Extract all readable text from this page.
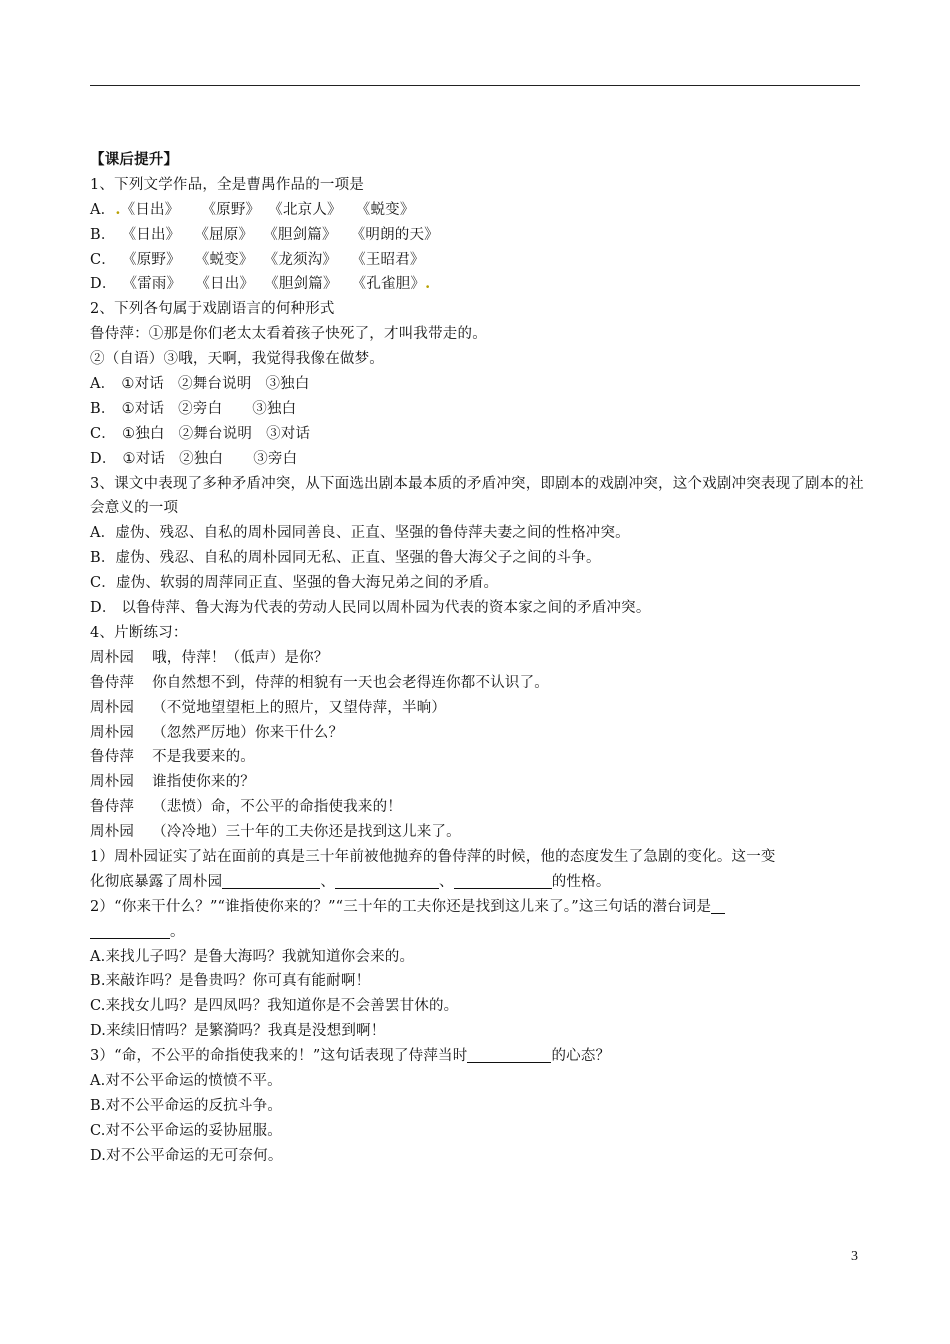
【课后提升】
1、下列文学作品，全是曹禺作品的一项是
A．.《日出》 《原野》 《北京人》 《蜕变》
B． 《日出》 《屈原》 《胆剑篇》 《明朗的天》
C． 《原野》 《蜕变》 《龙须沟》 《王昭君》
D． 《雷雨》 《日出》 《胆剑篇》 《孔雀胆》.
2、下列各句属于戏剧语言的何种形式
鲁侍萍：①那是你们老太太看着孩子快死了，才叫我带走的。
②（自语）③哦，天啊，我觉得我像在做梦。
A． ①对话 ②舞台说明 ③独白
B． ①对话 ②旁白 ③独白
C． ①独白 ②舞台说明 ③对话
D． ①对话 ②独白 ③旁白
3、课文中表现了多种矛盾冲突，从下面选出剧本最本质的矛盾冲突，即剧本的戏剧冲突，这个戏剧冲突表现了剧本的社会意义的一项
A．虚伪、残忍、自私的周朴园同善良、正直、坚强的鲁侍萍夫妻之间的性格冲突。
B．虚伪、残忍、自私的周朴园同无私、正直、坚强的鲁大海父子之间的斗争。
C．虚伪、软弱的周萍同正直、坚强的鲁大海兄弟之间的矛盾。
D． 以鲁侍萍、鲁大海为代表的劳动人民同以周朴园为代表的资本家之间的矛盾冲突。
4、片断练习：
周朴园 哦，侍萍！（低声）是你？
鲁侍萍 你自然想不到，侍萍的相貌有一天也会老得连你都不认识了。
周朴园 （不觉地望望柜上的照片，又望侍萍，半晌）
周朴园 （忽然严厉地）你来干什么？
鲁侍萍 不是我要来的。
周朴园 谁指使你来的？
鲁侍萍 （悲愤）命，不公平的命指使我来的！
周朴园 （冷冷地）三十年的工夫你还是找到这儿来了。
1）周朴园证实了站在面前的真是三十年前被他抛弃的鲁侍萍的时候，他的态度发生了急剧的变化。这一变
化彻底暴露了周朴园	、	、	的性格。
2）“你来干什么？”“谁指使你来的？”“三十年的工夫你还是找到这儿来了。”这三句话的潜台词是
。
A.来找儿子吗？是鲁大海吗？我就知道你会来的。
B.来敲诈吗？是鲁贵吗？你可真有能耐啊！
C.来找女儿吗？是四凤吗？我知道你是不会善罢甘休的。
D.来续旧情吗？是繁漪吗？我真是没想到啊！
3）“命，不公平的命指使我来的！”这句话表现了侍萍当时	的心态？
A.对不公平命运的愤愤不平。
B.对不公平命运的反抗斗争。
C.对不公平命运的妥协屈服。
D.对不公平命运的无可奈何。
3
